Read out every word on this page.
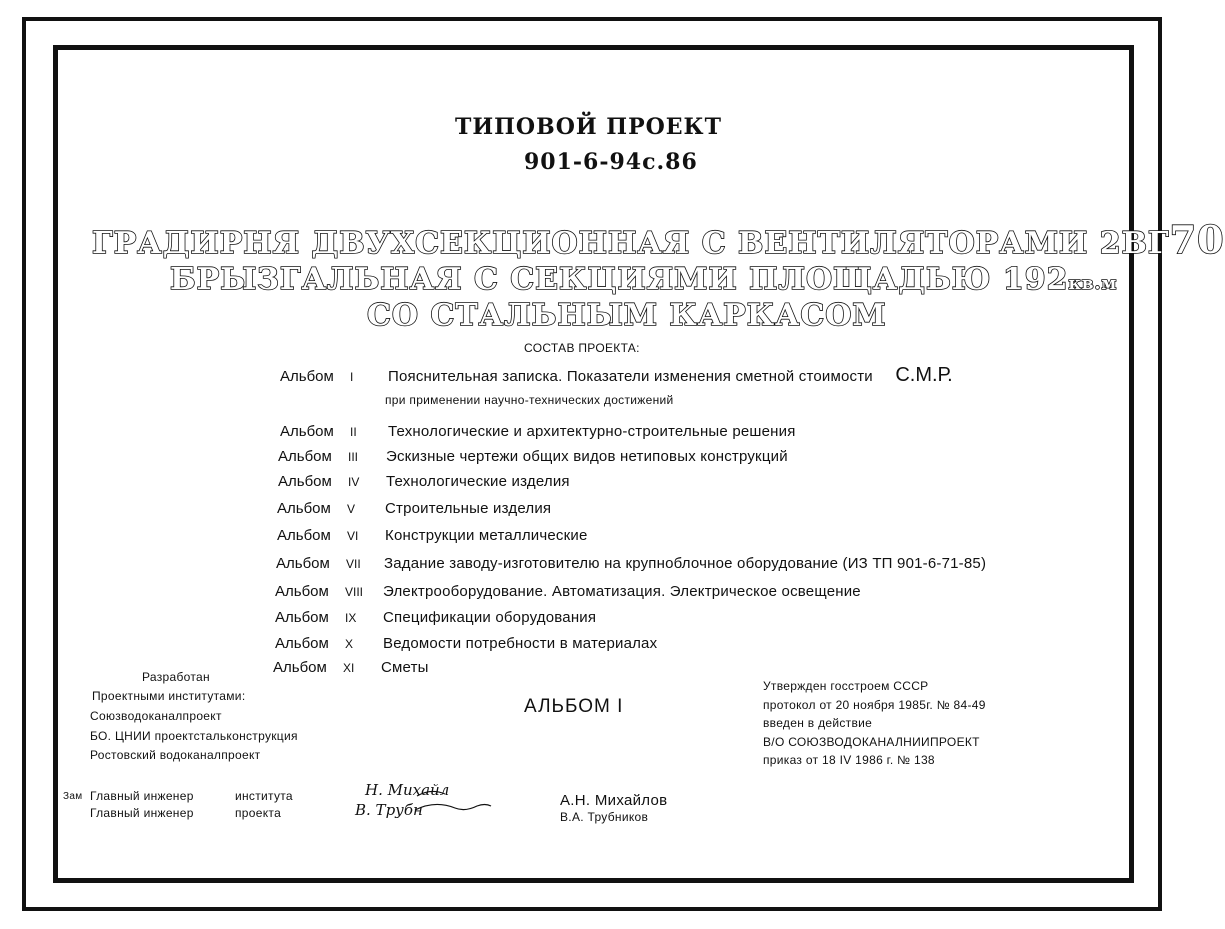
ТИПОВОЙ ПРОЕКТ
901-6-94с.86
ГРАДИРНЯ ДВУХСЕКЦИОННАЯ С ВЕНТИЛЯТОРАМИ 2ВГ70
БРЫЗГАЛЬНАЯ С СЕКЦИЯМИ ПЛОЩАДЬЮ 192кв.м
СО СТАЛЬНЫМ КАРКАСОМ
СОСТАВ ПРОЕКТА:
Альбом I Пояснительная записка. Показатели изменения сметной стоимости С.М.Р.
при применении научно-технических достижений
Альбом II Технологические и архитектурно-строительные решения
Альбом III Эскизные чертежи общих видов нетиповых конструкций
Альбом IV Технологические изделия
Альбом V Строительные изделия
Альбом VI Конструкции металлические
Альбом VII Задание заводу-изготовителю на крупноблочное оборудование (ИЗ ТП 901-6-71-85)
Альбом VIII Электрооборудование. Автоматизация. Электрическое освещение
Альбом IX Спецификации оборудования
Альбом X Ведомости потребности в материалах
Альбом XI Сметы
Разработан
Проектными институтами:
Союзводоканалпроект
БО. ЦНИИ проектстальконструкция
Ростовский водоканалпроект
АЛЬБОМ I
Утвержден госстроем СССР
протокол от 20 ноября 1985г. № 84-49
введен в действие
В/О СОЮЗВОДОКАНАЛНИИПРОЕКТ
приказ от 18 IV 1986 г. № 138
Зам Главный инженер	института
Главный инженер	проекта
Н. Михайл
В. Трубн
А.Н. Михайлов
В.А. Трубников
